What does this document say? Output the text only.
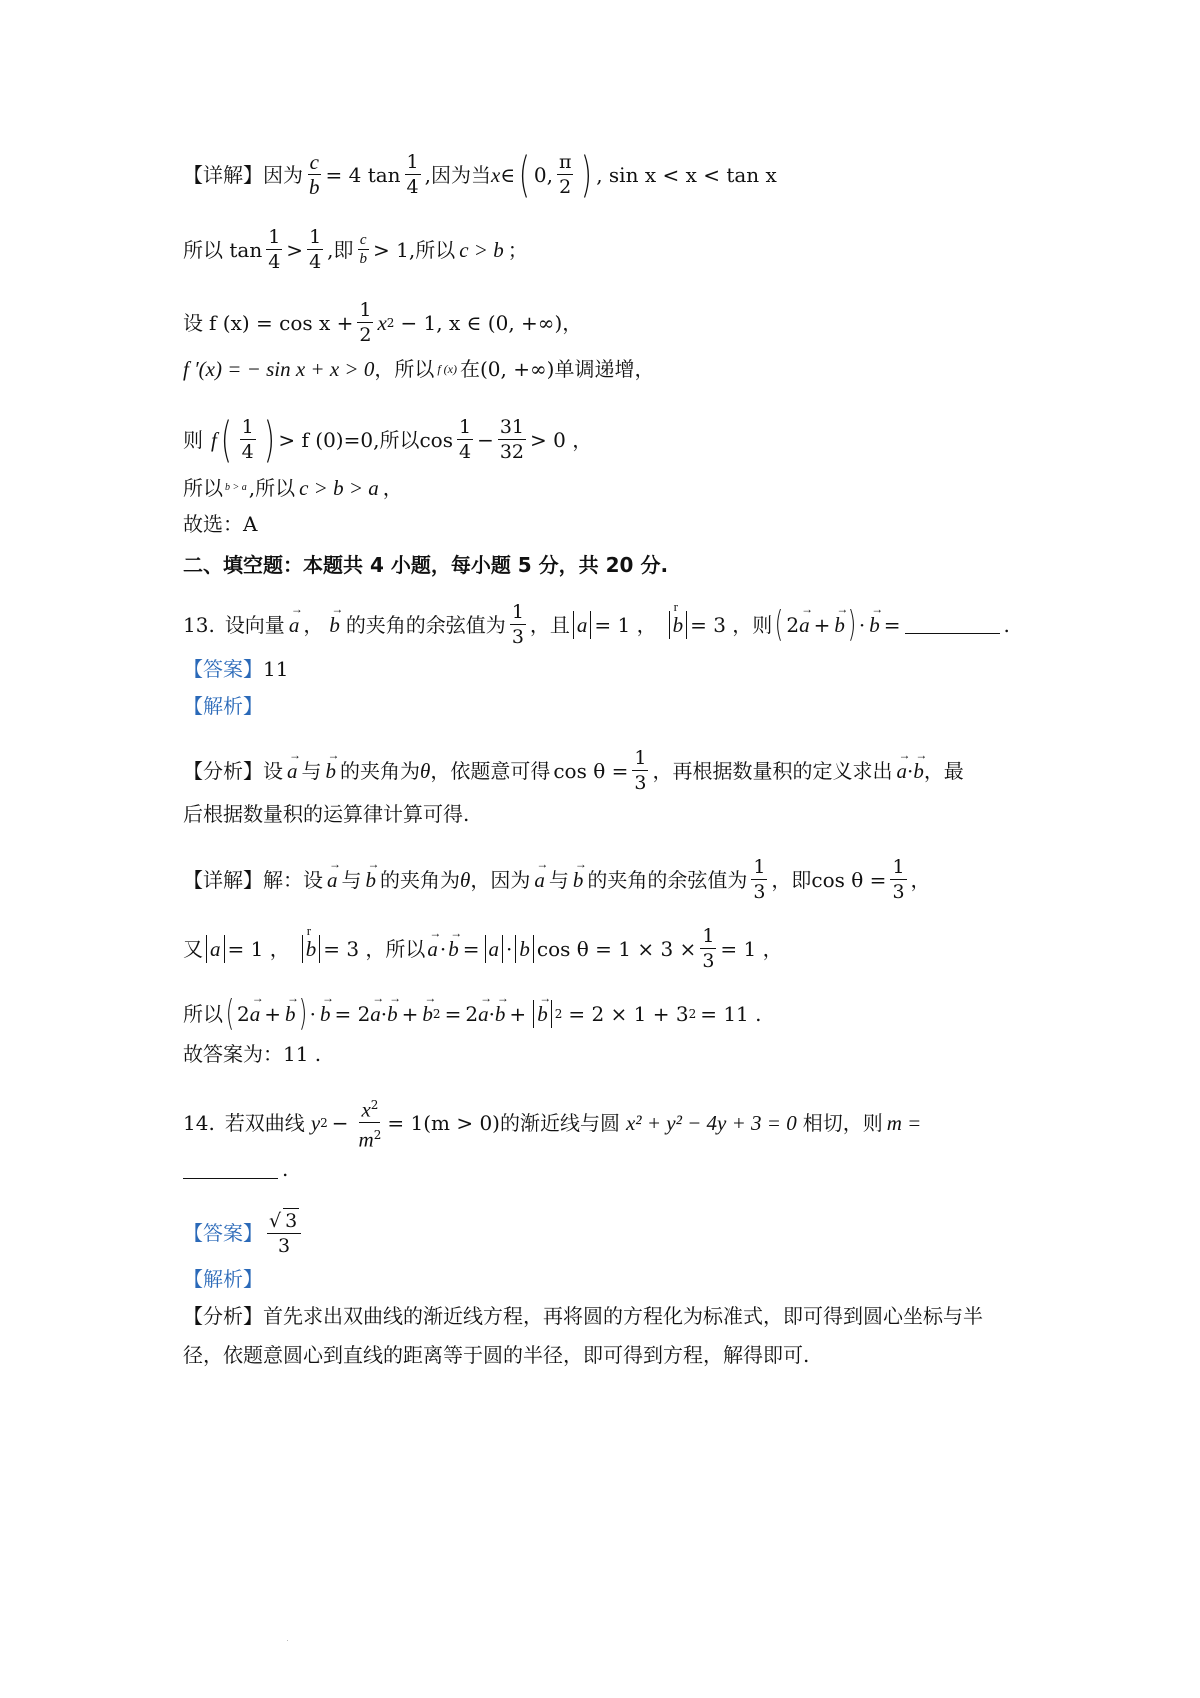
【详解】 因为 $\frac{c}{b} = 4$ $\tan \frac{1}{4}$ ,因为当 x ∈ ( 0, $\frac{\pi}{2}$ ) , sin x < x < tan x
所以 $\tan \frac{1}{4} > \frac{1}{4}$ ,即 $\frac{c}{b} > 1$ ,所以 c > b ；
设 f $(x) = \cos x + \frac{1}{2}$ x 2 − 1, x ∈ (0, +∞) ，
f ′(x) = − sin x + x > 0 ，所以 f (x) 在 (0, +∞) 单调递增，
则 f ( $\frac{1}{4}$ ) > f (0)=0 ,所以 $\cos \frac{1}{4} - \frac{31}{32} > 0$ ，
所以 b > a ,所以 c > b > a ，
故选：A
二、填空题：本题共 4 小题，每小题 5 分，共 20 分.
13. 设向量 → a ， → b 的夹角的余弦值为 $\frac{1}{3}$ ，且 a = 1 ，
r
b = 3 ，则 ( 2 → a + → b ) · → b =	.
【答案】 11
【解析】
【分析】 设 → a 与 → b 的夹角为 θ ，依题意可得 $\cos \theta = \frac{1}{3}$ ，再根据数量积的定义求出 → a · → b ，最
后根据数量积的运算律计算可得.
【详解】 解：设 → a 与 → b 的夹角为 θ ，因为 → a 与 → b 的夹角的余弦值为 $\frac{1}{3}$ ，即 $\cos \theta = \frac{1}{3}$ ，
又 a = 1 ，
r
b = 3 ，所以 → a · → b = a · b $\cos \theta = 1 \times 3 \times \frac{1}{3} = 1$ ，
所以 ( 2 → a + → b ) · → b = 2 → a · → b + → b 2 = 2 → a · → b + → b 2 = 2 × 1 + 3 2 = 11 .
故答案为：11 .
14. 若双曲线 y $2 - \frac{x^2}{m^2} = 1(m > 0)$ 的渐近线与圆 x² + y² − 4y + 3 = 0 相切，则 m =
.
【答案】 $\frac{√ 3}{3}$
【解析】
【分析】 首先求出双曲线的渐近线方程，再将圆的方程化为标准式，即可得到圆心坐标与半
径，依题意圆心到直线的距离等于圆的半径，即可得到方程，解得即可.
